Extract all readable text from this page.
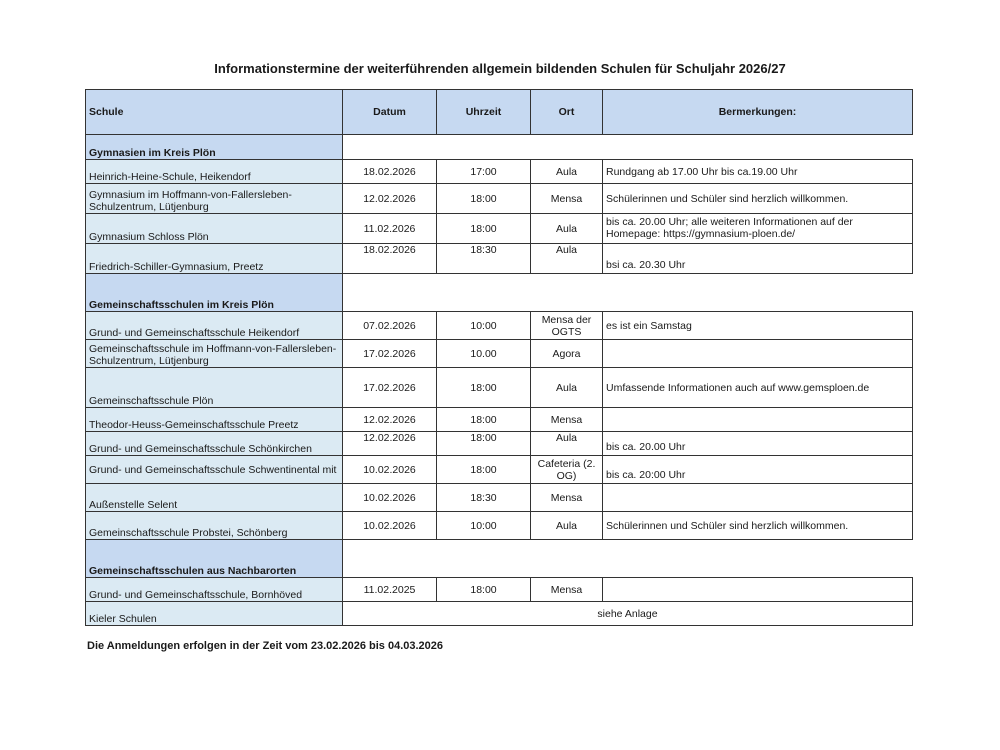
Informationstermine der weiterführenden allgemein bildenden Schulen für Schuljahr 2026/27
Schule	Datum	Uhrzeit	Ort	Bermerkungen:
Gymnasien im Kreis Plön				
Heinrich-Heine-Schule, Heikendorf	18.02.2026	17:00	Aula	Rundgang ab 17.00 Uhr bis ca.19.00 Uhr
Gymnasium im Hoffmann-von-Fallersleben-Schulzentrum, Lütjenburg	12.02.2026	18:00	Mensa	Schülerinnen und Schüler sind herzlich willkommen.
Gymnasium Schloss Plön	11.02.2026	18:00	Aula	bis ca. 20.00 Uhr; alle weiteren Informationen auf der Homepage: https://gymnasium-ploen.de/
Friedrich-Schiller-Gymnasium, Preetz	18.02.2026	18:30	Aula	bsi ca. 20.30 Uhr
Gemeinschaftsschulen im Kreis Plön				
Grund- und Gemeinschaftsschule Heikendorf	07.02.2026	10:00	Mensa der OGTS	es ist ein Samstag
Gemeinschaftsschule im Hoffmann-von-Fallersleben-Schulzentrum, Lütjenburg	17.02.2026	10.00	Agora	
Gemeinschaftsschule Plön	17.02.2026	18:00	Aula	Umfassende Informationen auch auf www.gemsploen.de
Theodor-Heuss-Gemeinschaftsschule Preetz	12.02.2026	18:00	Mensa	
Grund- und Gemeinschaftsschule Schönkirchen	12.02.2026	18:00	Aula	bis ca. 20.00 Uhr
Grund- und Gemeinschaftsschule Schwentinental mit	10.02.2026	18:00	Cafeteria (2. OG)	bis ca. 20:00 Uhr
Außenstelle Selent	10.02.2026	18:30	Mensa	
Gemeinschaftsschule Probstei, Schönberg	10.02.2026	10:00	Aula	Schülerinnen und Schüler sind herzlich willkommen.
Gemeinschaftsschulen aus Nachbarorten				
Grund- und Gemeinschaftsschule, Bornhöved	11.02.2025	18:00	Mensa	
Kieler Schulen	siehe Anlage			
Die Anmeldungen erfolgen in der Zeit vom 23.02.2026 bis 04.03.2026
